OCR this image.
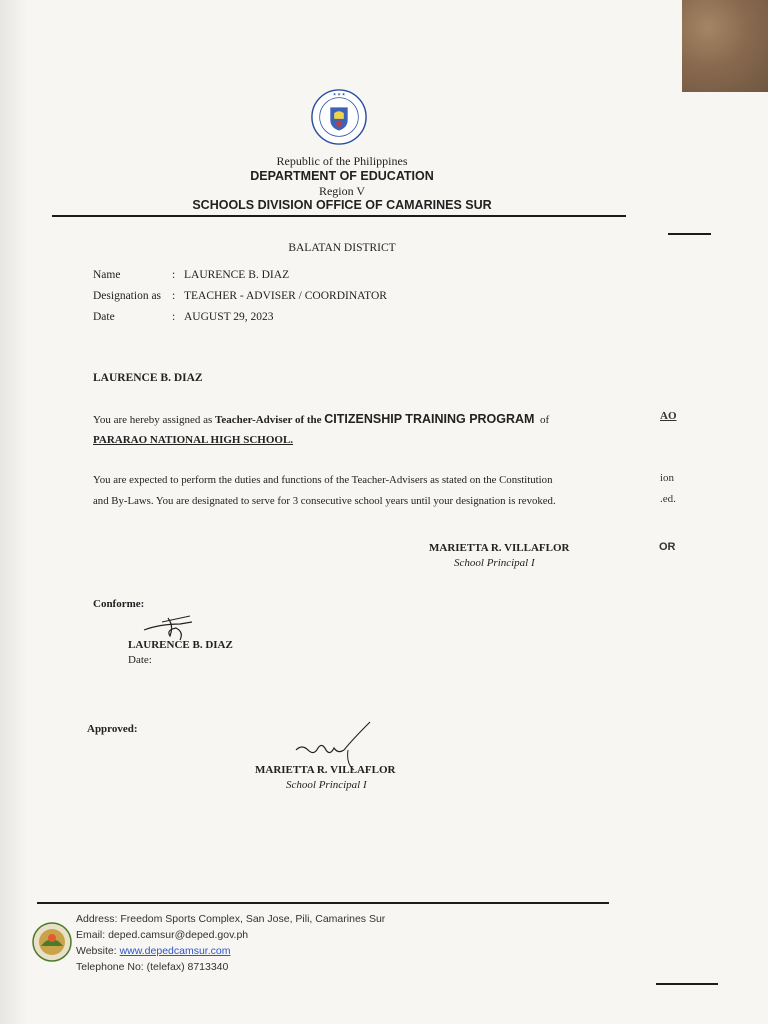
★ ★ ★
Republic of the Philippines
DEPARTMENT OF EDUCATION
Region V
SCHOOLS DIVISION OFFICE OF CAMARINES SUR
BALATAN DISTRICT
Name	: LAURENCE B. DIAZ
Designation as : TEACHER - ADVISER / COORDINATOR
Date	: AUGUST 29, 2023
LAURENCE B. DIAZ
You are hereby assigned as Teacher-Adviser of the CITIZENSHIP TRAINING PROGRAM of
PARARAO NATIONAL HIGH SCHOOL.
AO
You are expected to perform the duties and functions of the Teacher-Advisers as stated on the Constitution
and By-Laws. You are designated to serve for 3 consecutive school years until your designation is revoked.
ion
.ed.
MARIETTA R. VILLAFLOR
School Principal I
OR
Conforme:
LAURENCE B. DIAZ
Date:
Approved:
MARIETTA R. VILLAFLOR
School Principal I
Address: Freedom Sports Complex, San Jose, Pili, Camarines Sur
Email: deped.camsur@deped.gov.ph
Website: www.depedcamsur.com
Telephone No: (telefax) 8713340
